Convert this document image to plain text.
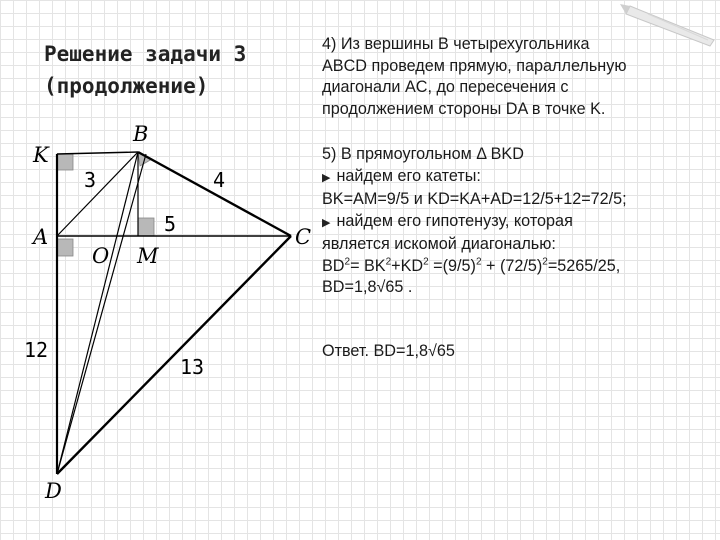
Решение задачи 3
(продолжение)
K
B
A
O M
C
D
3	4
5
12
13

4) Из вершины B четырехугольника

ABCD проведем прямую, параллельную

диагонали AC, до пересечения с

продолжением стороны DA в точке K.

5) В прямоугольном Δ BKD

▶ найдем его катеты:

BK=AM=9/5 и KD=KA+AD=12/5+12=72/5;

▶ найдем его гипотенузу, которая

является искомой диагональю:

$BD^2= BK^2+KD^2 =(9/5)^2 + (72/5)^2=5265/25$,

BD=1,8√65 .

Ответ. BD=1,8√65
